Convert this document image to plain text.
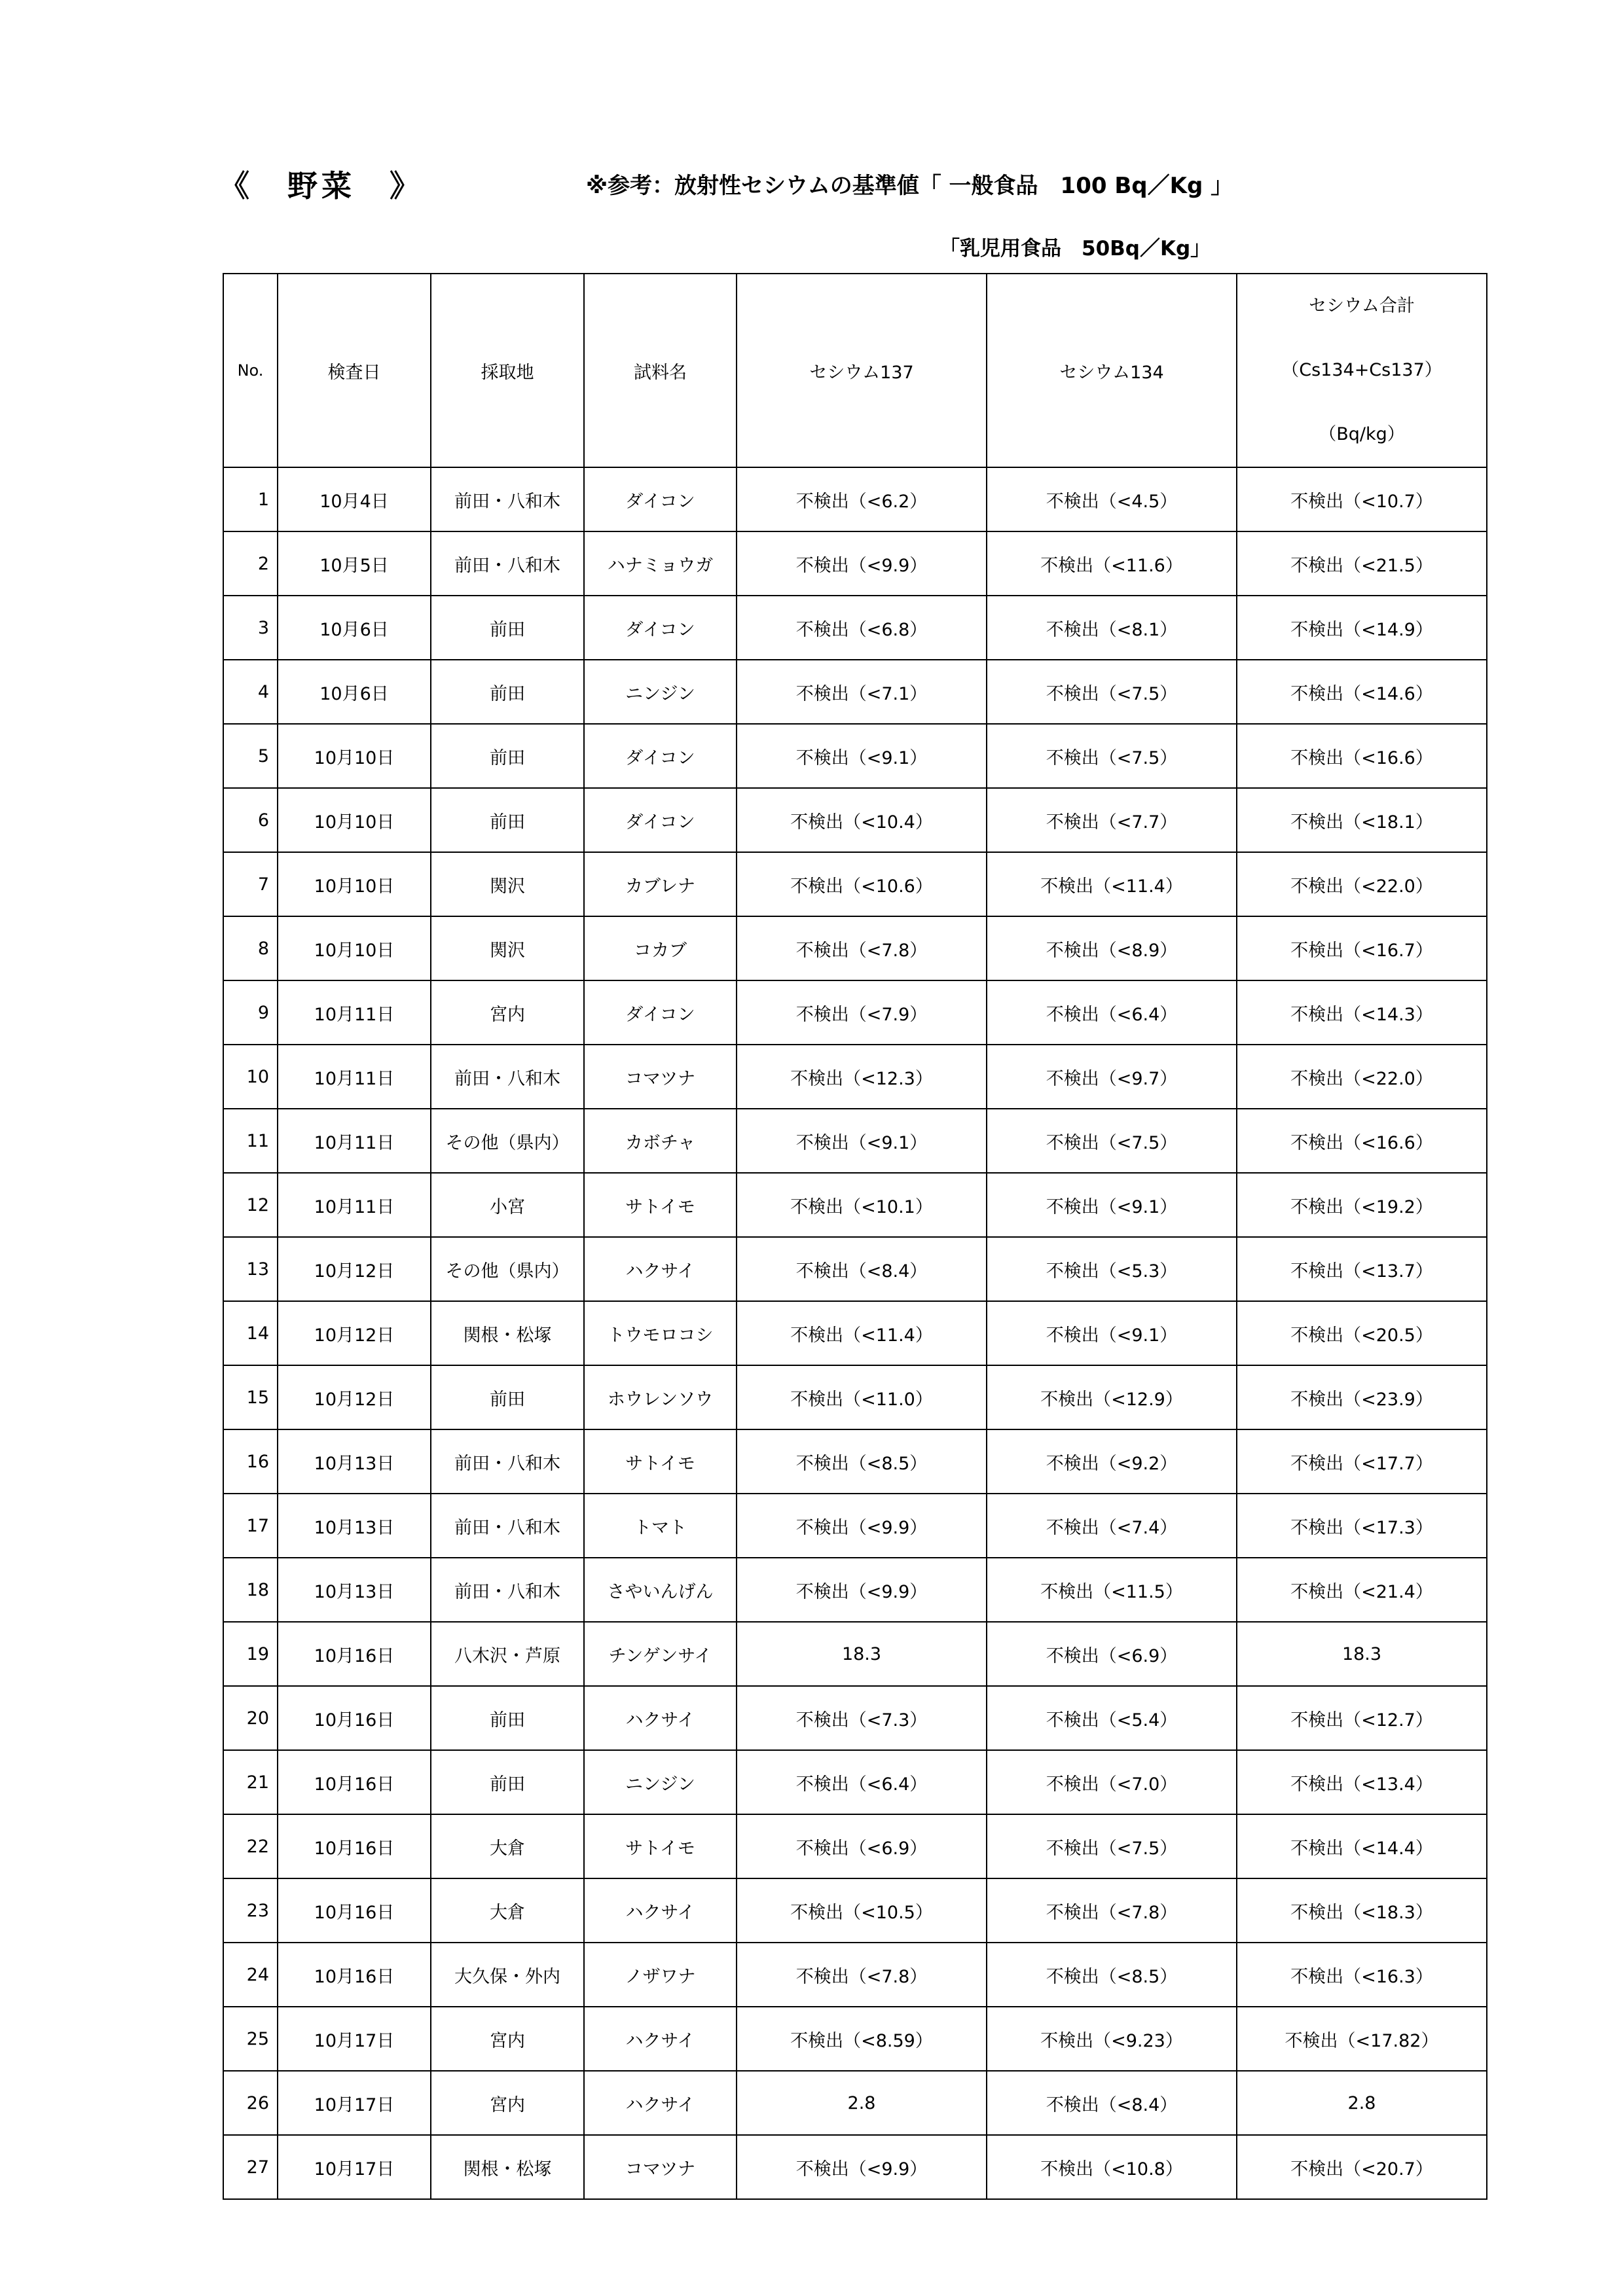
《　野菜　》	※参考：放射性セシウムの基準値「 一般食品　100 Bq／Kg 」
「乳児用食品　50Bq／Kg」
No.	検査日	採取地	試料名	セシウム137	セシウム134	セシウム合計
（Cs134+Cs137）
（Bq/kg）

1	10月4日	前田・八和木	ダイコン	不検出（<6.2）	不検出（<4.5）	不検出（<10.7）
2	10月5日	前田・八和木	ハナミョウガ	不検出（<9.9）	不検出（<11.6）	不検出（<21.5）
3	10月6日	前田	ダイコン	不検出（<6.8）	不検出（<8.1）	不検出（<14.9）
4	10月6日	前田	ニンジン	不検出（<7.1）	不検出（<7.5）	不検出（<14.6）
5	10月10日	前田	ダイコン	不検出（<9.1）	不検出（<7.5）	不検出（<16.6）
6	10月10日	前田	ダイコン	不検出（<10.4）	不検出（<7.7）	不検出（<18.1）
7	10月10日	関沢	カブレナ	不検出（<10.6）	不検出（<11.4）	不検出（<22.0）
8	10月10日	関沢	コカブ	不検出（<7.8）	不検出（<8.9）	不検出（<16.7）
9	10月11日	宮内	ダイコン	不検出（<7.9）	不検出（<6.4）	不検出（<14.3）
10	10月11日	前田・八和木	コマツナ	不検出（<12.3）	不検出（<9.7）	不検出（<22.0）
11	10月11日	その他（県内）	カボチャ	不検出（<9.1）	不検出（<7.5）	不検出（<16.6）
12	10月11日	小宮	サトイモ	不検出（<10.1）	不検出（<9.1）	不検出（<19.2）
13	10月12日	その他（県内）	ハクサイ	不検出（<8.4）	不検出（<5.3）	不検出（<13.7）
14	10月12日	関根・松塚	トウモロコシ	不検出（<11.4）	不検出（<9.1）	不検出（<20.5）
15	10月12日	前田	ホウレンソウ	不検出（<11.0）	不検出（<12.9）	不検出（<23.9）
16	10月13日	前田・八和木	サトイモ	不検出（<8.5）	不検出（<9.2）	不検出（<17.7）
17	10月13日	前田・八和木	トマト	不検出（<9.9）	不検出（<7.4）	不検出（<17.3）
18	10月13日	前田・八和木	さやいんげん	不検出（<9.9）	不検出（<11.5）	不検出（<21.4）
19	10月16日	八木沢・芦原	チンゲンサイ	18.3	不検出（<6.9）	18.3
20	10月16日	前田	ハクサイ	不検出（<7.3）	不検出（<5.4）	不検出（<12.7）
21	10月16日	前田	ニンジン	不検出（<6.4）	不検出（<7.0）	不検出（<13.4）
22	10月16日	大倉	サトイモ	不検出（<6.9）	不検出（<7.5）	不検出（<14.4）
23	10月16日	大倉	ハクサイ	不検出（<10.5）	不検出（<7.8）	不検出（<18.3）
24	10月16日	大久保・外内	ノザワナ	不検出（<7.8）	不検出（<8.5）	不検出（<16.3）
25	10月17日	宮内	ハクサイ	不検出（<8.59）	不検出（<9.23）	不検出（<17.82）
26	10月17日	宮内	ハクサイ	2.8	不検出（<8.4）	2.8
27	10月17日	関根・松塚	コマツナ	不検出（<9.9）	不検出（<10.8）	不検出（<20.7）
